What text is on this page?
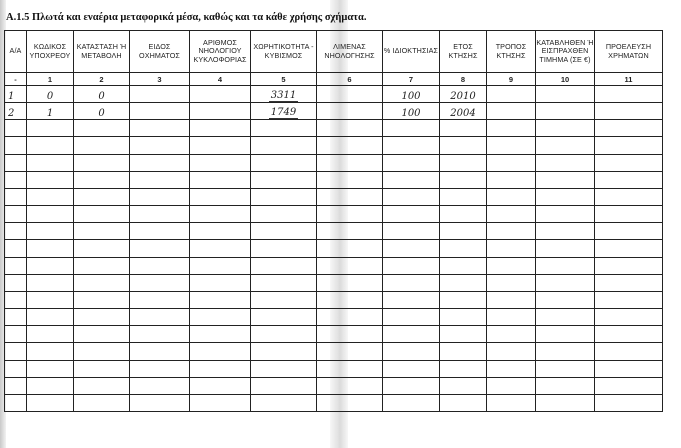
A.1.5 Πλωτά και εναέρια μεταφορικά μέσα, καθώς και τα κάθε χρήσης σχήματα.
Α/Α	ΚΩΔΙΚΟΣ ΥΠΟΧΡΕΟΥ	ΚΑΤΑΣΤΑΣΗ Ή ΜΕΤΑΒΟΛΗ	ΕΙΔΟΣ ΟΧΗΜΑΤΟΣ	ΑΡΙΘΜΟΣ ΝΗΟΛΟΓΙΟΥ ΚΥΚΛΟΦΟΡΙΑΣ	ΧΩΡΗΤΙΚΟΤΗΤΑ - ΚΥΒΙΣΜΟΣ	ΛΙΜΕΝΑΣ ΝΗΟΛΟΓΗΣΗΣ	% ΙΔΙΟΚΤΗΣΙΑΣ	ΕΤΟΣ ΚΤΗΣΗΣ	ΤΡΟΠΟΣ ΚΤΗΣΗΣ	ΚΑΤΑΒΛΗΘΕΝ Ή ΕΙΣΠΡΑΧΘΕΝ ΤΙΜΗΜΑ (ΣΕ €)	ΠΡΟΕΛΕΥΣΗ ΧΡΗΜΑΤΩΝ
-	1	2	3	4	5	6	7	8	9	10	11
1	0	0			3311		100	2010			
2	1	0			1749		100	2004			
